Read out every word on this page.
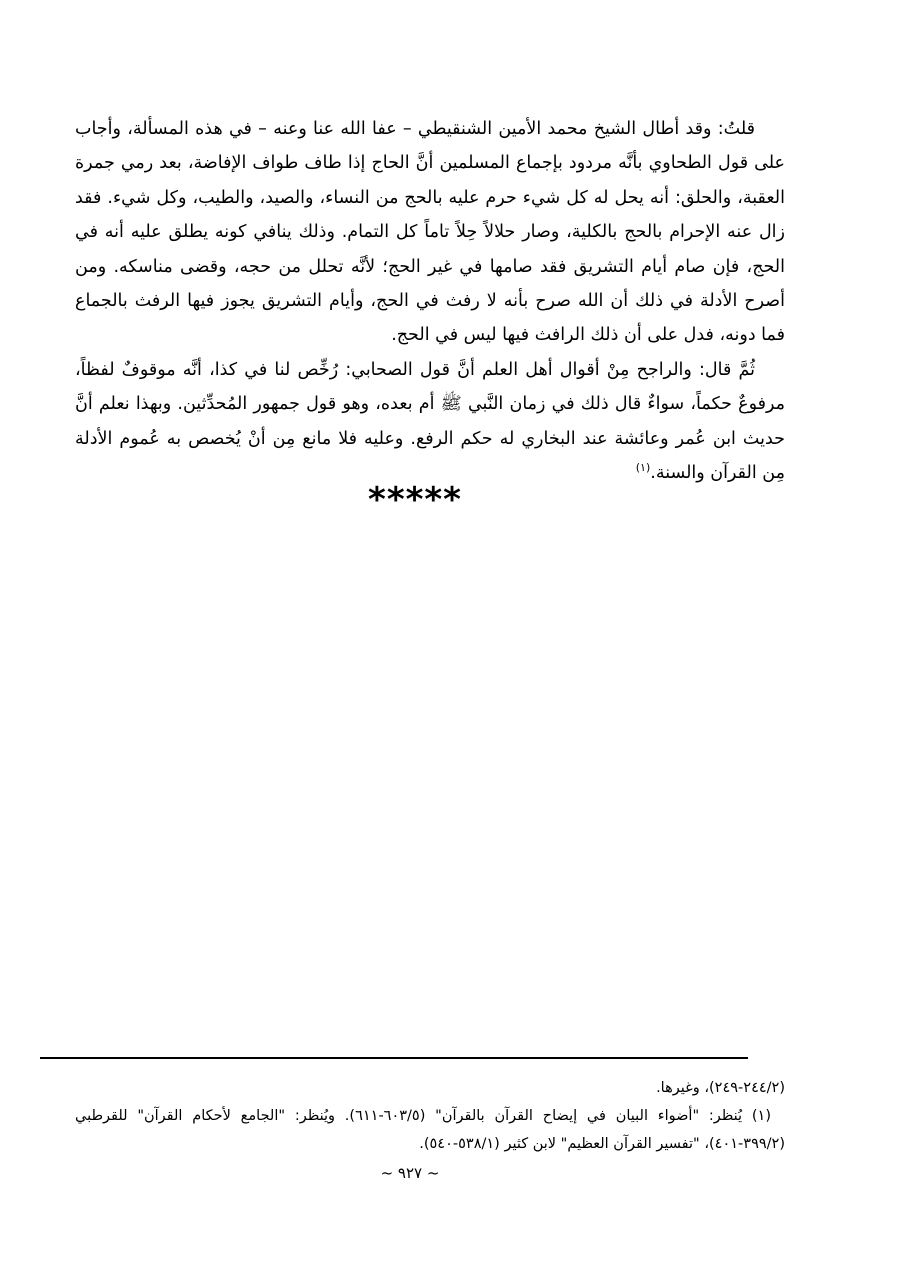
قلتُ: وقد أطال الشيخ محمد الأمين الشنقيطي – عفا الله عنا وعنه – في هذه المسألة، وأجاب على قول الطحاوي بأنَّه مردود بإجماع المسلمين أنَّ الحاج إذا طاف طواف الإفاضة، بعد رمي جمرة العقبة، والحلق: أنه يحل له كل شيء حرم عليه بالحج من النساء، والصيد، والطيب، وكل شيء. فقد زال عنه الإحرام بالحج بالكلية، وصار حلالاً حِلاً تاماً كل التمام. وذلك ينافي كونه يطلق عليه أنه في الحج، فإن صام أيام التشريق فقد صامها في غير الحج؛ لأنَّه تحلل من حجه، وقضى مناسكه. ومن أصرح الأدلة في ذلك أن الله صرح بأنه لا رفث في الحج، وأيام التشريق يجوز فيها الرفث بالجماع فما دونه، فدل على أن ذلك الرافث فيها ليس في الحج.

ثُمَّ قال: والراجح مِنْ أقوال أهل العلم أنَّ قول الصحابي: رُخِّص لنا في كذا، أنَّه موقوفٌ لفظاً، مرفوعٌ حكماً، سواءٌ قال ذلك في زمان النَّبي ﷺ أم بعده، وهو قول جمهور المُحدِّثين. وبهذا نعلم أنَّ حديث ابن عُمر وعائشة عند البخاري له حكم الرفع. وعليه فلا مانع مِن أنْ يُخصص به عُموم الأدلة مِن القرآن والسنة.$^{(١)}$

*****

(٢٤٤/٢-٢٤٩)، وغيرها.

(١) يُنظر: "أضواء البيان في إيضاح القرآن بالقرآن" (٦٠٣/٥-٦١١). ويُنظر: "الجامع لأحكام القرآن" للقرطبي (٣٩٩/٢-٤٠١)، "تفسير القرآن العظيم" لابن كثير (٥٣٨/١-٥٤٠).

~ ٩٢٧ ~
